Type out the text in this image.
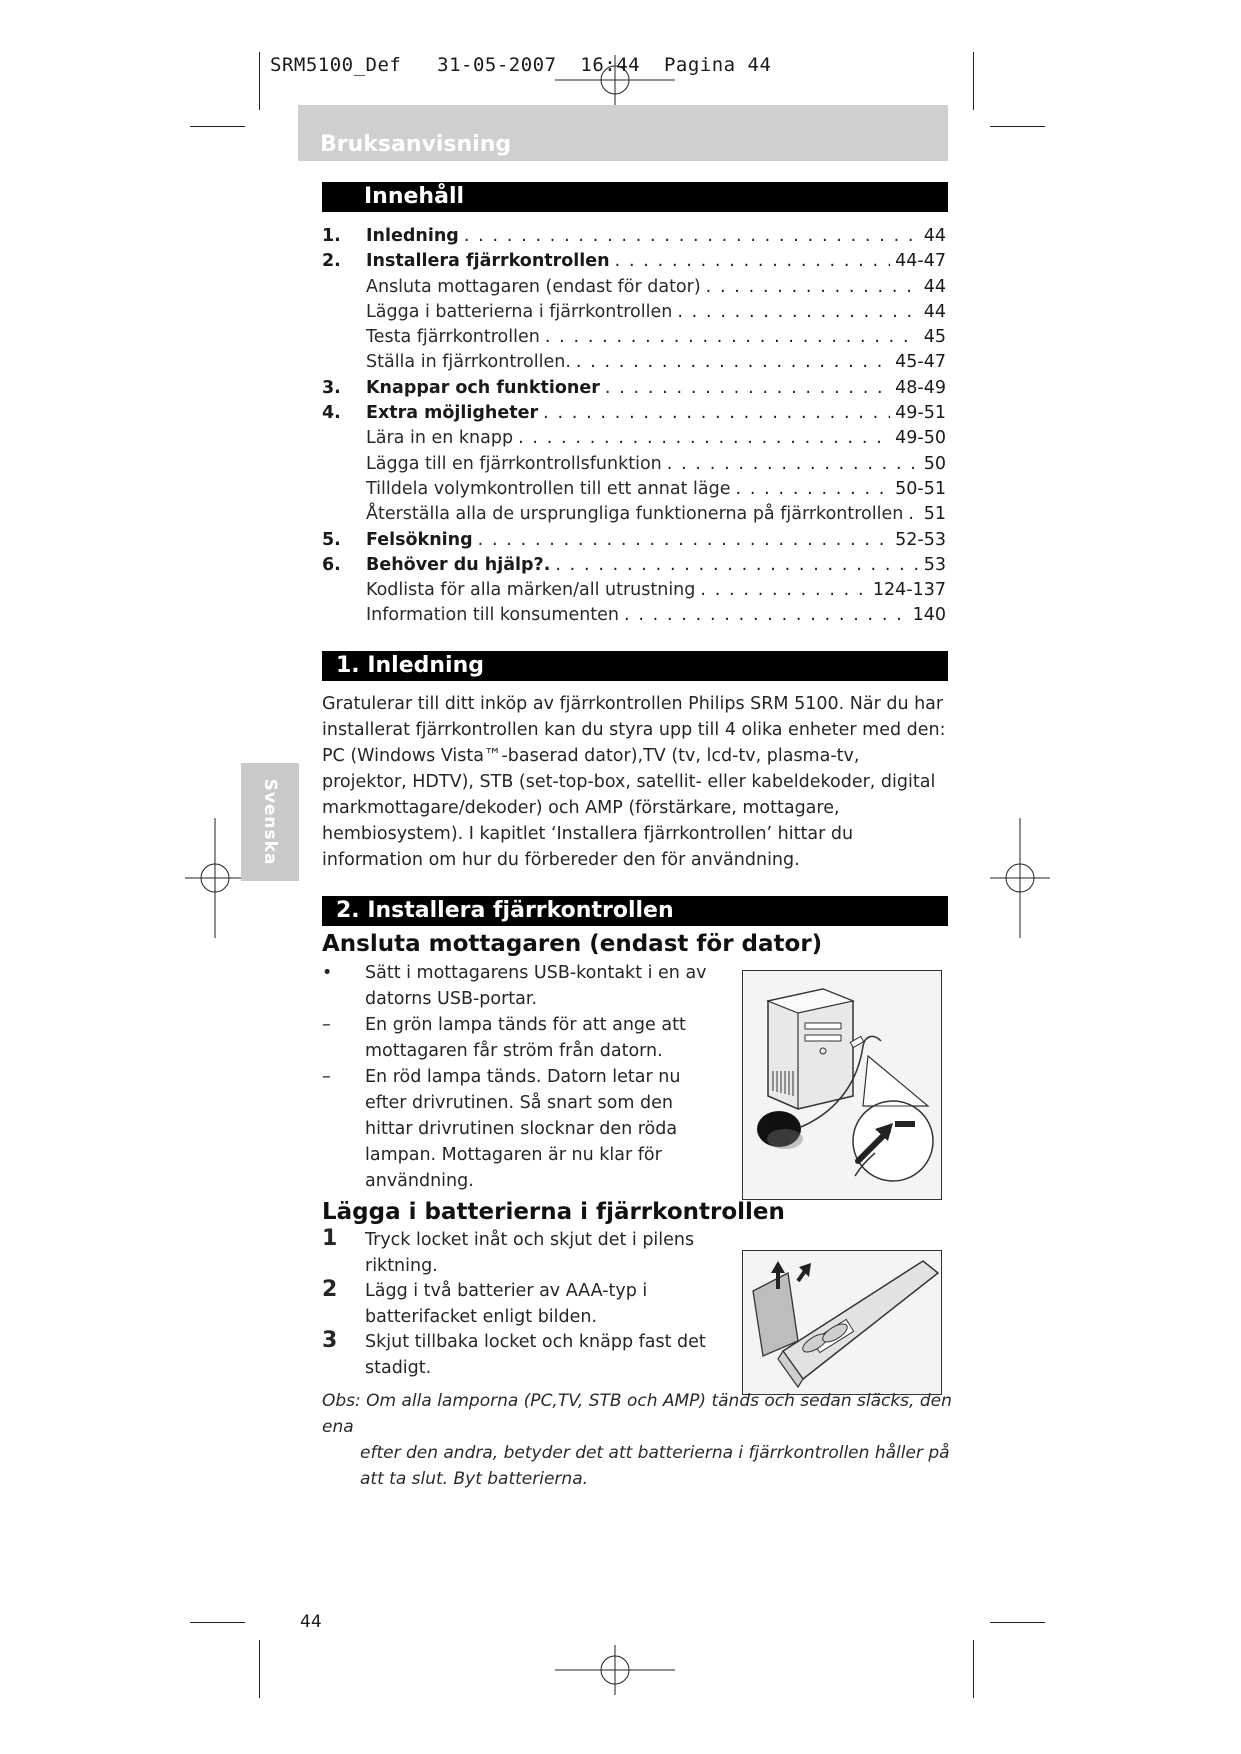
SRM5100_Def   31-05-2007  16:44  Pagina 44
Bruksanvisning
Innehåll
1. Inledning . . .	44
2. Installera fjärrkontrollen . . .	44-47
Ansluta mottagaren (endast för dator) . . .	44
Lägga i batterierna i fjärrkontrollen . . .	44
Testa fjärrkontrollen . . .	45
Ställa in fjärrkontrollen. . . .	45-47
3. Knappar och funktioner . . .	48-49
4. Extra möjligheter . . .	49-51
Lära in en knapp . . .	49-50
Lägga till en fjärrkontrollsfunktion . . .	50
Tilldela volymkontrollen till ett annat läge . . .	50-51
Återställa alla de ursprungliga funktionerna på fjärrkontrollen . . . 51
5. Felsökning . . .	52-53
6. Behöver du hjälp?. . . .	53
Kodlista för alla märken/all utrustning . . .	124-137
Information till konsumenten . . .	140
1. Inledning
Gratulerar till ditt inköp av fjärrkontrollen Philips SRM 5100. När du har installerat fjärrkontrollen kan du styra upp till 4 olika enheter med den: PC (Windows Vista™-baserad dator),TV (tv, lcd-tv, plasma-tv, projektor, HDTV), STB (set-top-box, satellit- eller kabeldekoder, digital markmottagare/dekoder) och AMP (förstärkare, mottagare, hembiosystem). I kapitlet ‘Installera fjärrkontrollen’ hittar du information om hur du förbereder den för användning.
Svenska
2. Installera fjärrkontrollen
Ansluta mottagaren (endast för dator)
• Sätt i mottagarens USB-kontakt i en av datorns USB-portar.
– En grön lampa tänds för att ange att mottagaren får ström från datorn.
– En röd lampa tänds. Datorn letar nu efter drivrutinen. Så snart som den hittar drivrutinen slocknar den röda lampan. Mottagaren är nu klar för användning.
Lägga i batterierna i fjärrkontrollen
1 Tryck locket inåt och skjut det i pilens riktning.
2 Lägg i två batterier av AAA-typ i batterifacket enligt bilden.
3 Skjut tillbaka locket och knäpp fast det stadigt.
Obs: Om alla lamporna (PC,TV, STB och AMP) tänds och sedan släcks, den ena
efter den andra, betyder det att batterierna i fjärrkontrollen håller på att ta slut. Byt batterierna.
44
